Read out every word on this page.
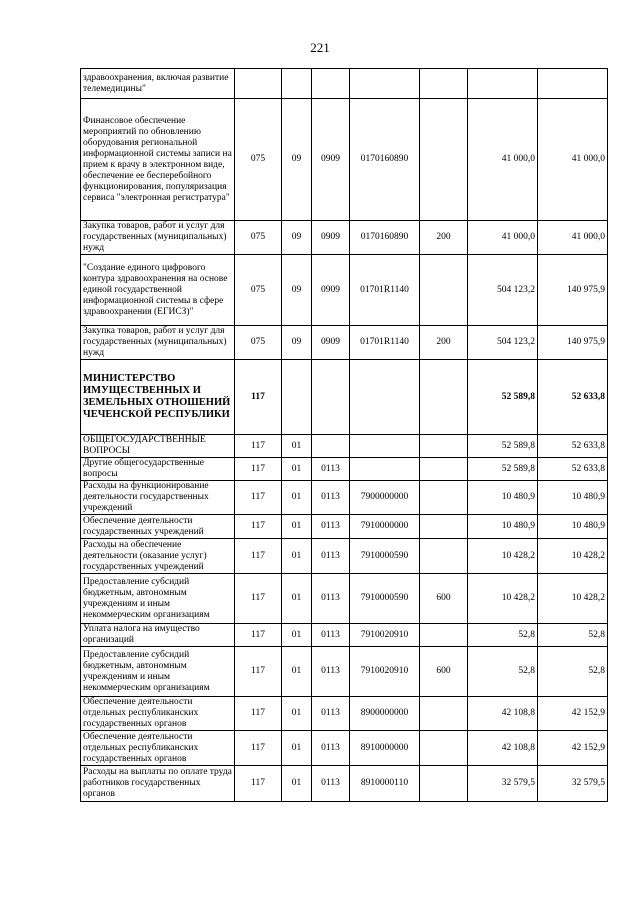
221
здравоохранения, включая развитие телемедицины"							
Финансовое обеспечение мероприятий по обновлению оборудования региональной информационной системы записи на прием к врачу в электронном виде, обеспечение ее бесперебойного функционирования, популяризация сервиса "электронная регистратура"	075	09	0909	0170160890		41 000,0	41 000,0
Закупка товаров, работ и услуг для государственных (муниципальных) нужд	075	09	0909	0170160890	200	41 000,0	41 000,0
"Создание единого цифрового контура здравоохранения на основе единой государственной информационной системы в сфере здравоохранения (ЕГИСЗ)"	075	09	0909	01701R1140		504 123,2	140 975,9
Закупка товаров, работ и услуг для государственных (муниципальных) нужд	075	09	0909	01701R1140	200	504 123,2	140 975,9
МИНИСТЕРСТВО ИМУЩЕСТВЕННЫХ И ЗЕМЕЛЬНЫХ ОТНОШЕНИЙ ЧЕЧЕНСКОЙ РЕСПУБЛИКИ	117					52 589,8	52 633,8
ОБЩЕГОСУДАРСТВЕННЫЕ ВОПРОСЫ	117	01				52 589,8	52 633,8
Другие общегосударственные вопросы	117	01	0113			52 589,8	52 633,8
Расходы на функционирование деятельности государственных учреждений	117	01	0113	7900000000		10 480,9	10 480,9
Обеспечение деятельности государственных учреждений	117	01	0113	7910000000		10 480,9	10 480,9
Расходы на обеспечение деятельности (оказание услуг) государственных учреждений	117	01	0113	7910000590		10 428,2	10 428,2
Предоставление субсидий бюджетным, автономным учреждениям и иным некоммерческим организациям	117	01	0113	7910000590	600	10 428,2	10 428,2
Уплата налога на имущество организаций	117	01	0113	7910020910		52,8	52,8
Предоставление субсидий бюджетным, автономным учреждениям и иным некоммерческим организациям	117	01	0113	7910020910	600	52,8	52,8
Обеспечение деятельности отдельных республиканских государственных органов	117	01	0113	8900000000		42 108,8	42 152,9
Обеспечение деятельности отдельных республиканских государственных органов	117	01	0113	8910000000		42 108,8	42 152,9
Расходы на выплаты по оплате труда работников государственных органов	117	01	0113	8910000110		32 579,5	32 579,5
